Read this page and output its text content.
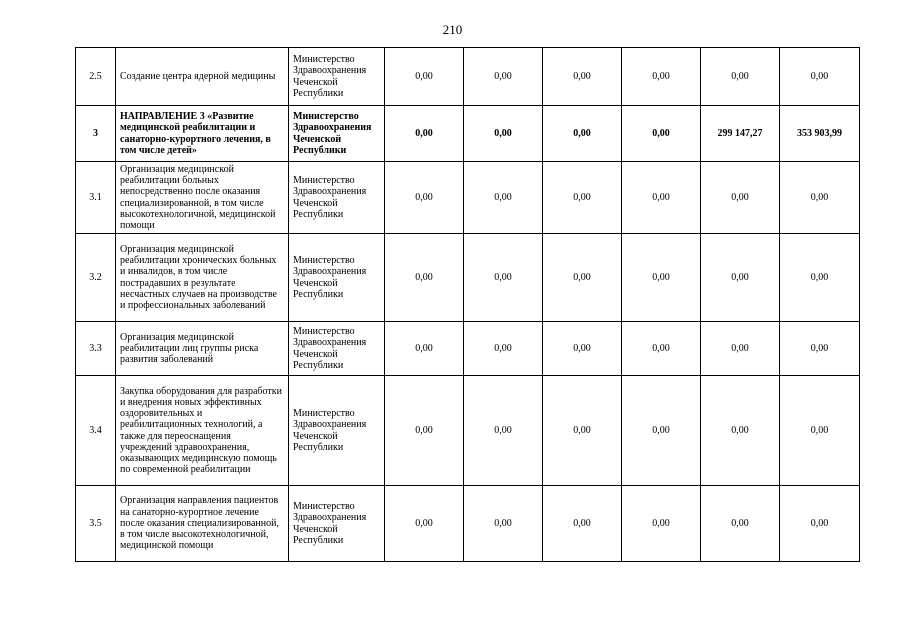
210
2.5	Создание центра ядерной медицины	Министерство Здравоохранения Чеченской Республики	0,00	0,00	0,00	0,00	0,00	0,00
3	НАПРАВЛЕНИЕ 3 «Развитие медицинской реабилитации и санаторно-курортного лечения, в том числе детей»	Министерство Здравоохранения Чеченской Республики	0,00	0,00	0,00	0,00	299 147,27	353 903,99
3.1	Организация медицинской реабилитации больных непосредственно после оказания специализированной, в том числе высокотехнологичной, медицинской помощи	Министерство Здравоохранения Чеченской Республики	0,00	0,00	0,00	0,00	0,00	0,00
3.2	Организация медицинской реабилитации хронических больных и инвалидов, в том числе пострадавших в результате несчастных случаев на производстве и профессиональных заболеваний	Министерство Здравоохранения Чеченской Республики	0,00	0,00	0,00	0,00	0,00	0,00
3.3	Организация медицинской реабилитации лиц группы риска развития заболеваний	Министерство Здравоохранения Чеченской Республики	0,00	0,00	0,00	0,00	0,00	0,00
3.4	Закупка оборудования для разработки и внедрения новых эффективных оздоровительных и реабилитационных технологий, а также для переоснащения учреждений здравоохранения, оказывающих медицинскую помощь по современной реабилитации	Министерство Здравоохранения Чеченской Республики	0,00	0,00	0,00	0,00	0,00	0,00
3.5	Организация направления пациентов на санаторно-курортное лечение после оказания специализированной, в том числе высокотехнологичной, медицинской помощи	Министерство Здравоохранения Чеченской Республики	0,00	0,00	0,00	0,00	0,00	0,00
